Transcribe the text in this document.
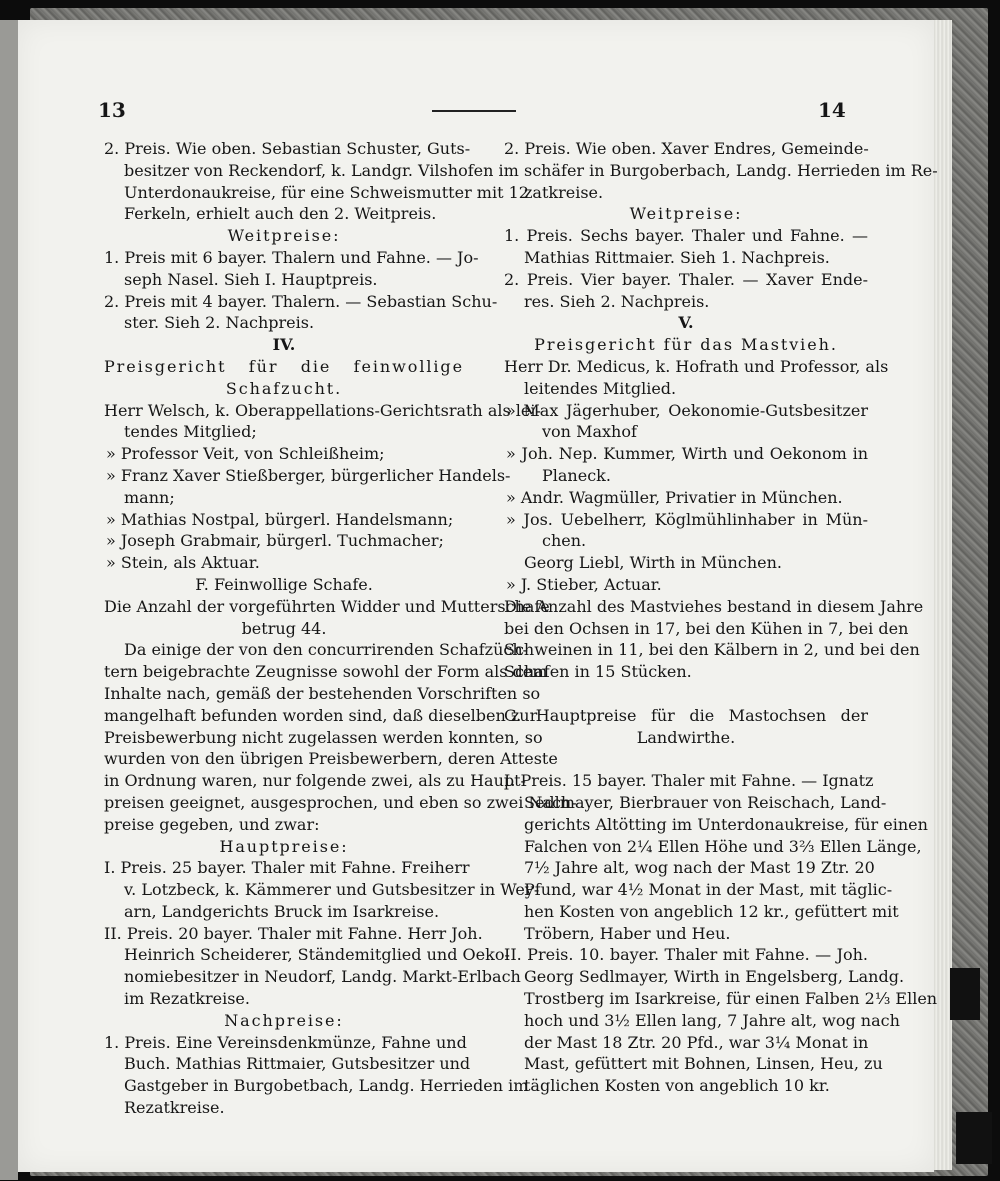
13	14

2. Preis. Wie oben. Sebastian Schuster, Guts-

besitzer von Reckendorf, k. Landgr. Vilshofen im

Unterdonaukreise, für eine Schweismutter mit 12

Ferkeln, erhielt auch den 2. Weitpreis.

Weitpreise:

1. Preis mit 6 bayer. Thalern und Fahne. — Jo-

seph Nasel. Sieh I. Hauptpreis.

2. Preis mit 4 bayer. Thalern. — Sebastian Schu-

ster. Sieh 2. Nachpreis.

IV.

Preisgericht für die feinwollige

Schafzucht.

Herr Welsch, k. Oberappellations-Gerichtsrath als lei-

tendes Mitglied;

» Professor Veit, von Schleißheim;

» Franz Xaver Stießberger, bürgerlicher Handels-

mann;

» Mathias Nostpal, bürgerl. Handelsmann;

» Joseph Grabmair, bürgerl. Tuchmacher;

» Stein, als Aktuar.

F. Feinwollige Schafe.

Die Anzahl der vorgeführten Widder und Mutterschafe

betrug 44.

Da einige der von den concurrirenden Schafzüch-

tern beigebrachte Zeugnisse sowohl der Form als dem

Inhalte nach, gemäß der bestehenden Vorschriften so

mangelhaft befunden worden sind, daß dieselben zur

Preisbewerbung nicht zugelassen werden konnten, so

wurden von den übrigen Preisbewerbern, deren Atteste

in Ordnung waren, nur folgende zwei, als zu Haupt-

preisen geeignet, ausgesprochen, und eben so zwei Nach-

preise gegeben, und zwar:

Hauptpreise:

I. Preis. 25 bayer. Thaler mit Fahne. Freiherr

v. Lotzbeck, k. Kämmerer und Gutsbesitzer in Wey-

arn, Landgerichts Bruck im Isarkreise.

II. Preis. 20 bayer. Thaler mit Fahne. Herr Joh.

Heinrich Scheiderer, Ständemitglied und Oeko-

nomiebesitzer in Neudorf, Landg. Markt-Erlbach

im Rezatkreise.

Nachpreise:

1. Preis. Eine Vereinsdenkmünze, Fahne und

Buch. Mathias Rittmaier, Gutsbesitzer und

Gastgeber in Burgobetbach, Landg. Herrieden im

Rezatkreise.

2. Preis. Wie oben. Xaver Endres, Gemeinde-

schäfer in Burgoberbach, Landg. Herrieden im Re-

zatkreise.

Weitpreise:

1. Preis. Sechs bayer. Thaler und Fahne. —

Mathias Rittmaier. Sieh 1. Nachpreis.

2. Preis. Vier bayer. Thaler. — Xaver Ende-

res. Sieh 2. Nachpreis.

V.

Preisgericht für das Mastvieh.

Herr Dr. Medicus, k. Hofrath und Professor, als

leitendes Mitglied.

» Max Jägerhuber, Oekonomie-Gutsbesitzer

von Maxhof

» Joh. Nep. Kummer, Wirth und Oekonom in

Planeck.

» Andr. Wagmüller, Privatier in München.

» Jos. Uebelherr, Köglmühlinhaber in Mün-

chen.

Georg Liebl, Wirth in München.

» J. Stieber, Actuar.

Die Anzahl des Mastviehes bestand in diesem Jahre

bei den Ochsen in 17, bei den Kühen in 7, bei den

Schweinen in 11, bei den Kälbern in 2, und bei den

Schafen in 15 Stücken.

G. Hauptpreise für die Mastochsen der

Landwirthe.

I. Preis. 15 bayer. Thaler mit Fahne. — Ignatz

Sedlmayer, Bierbrauer von Reischach, Land-

gerichts Altötting im Unterdonaukreise, für einen

Falchen von 2¼ Ellen Höhe und 3⅔ Ellen Länge,

7½ Jahre alt, wog nach der Mast 19 Ztr. 20

Pfund, war 4½ Monat in der Mast, mit täglic-

hen Kosten von angeblich 12 kr., gefüttert mit

Tröbern, Haber und Heu.

II. Preis. 10. bayer. Thaler mit Fahne. — Joh.

Georg Sedlmayer, Wirth in Engelsberg, Landg.

Trostberg im Isarkreise, für einen Falben 2⅓ Ellen

hoch und 3½ Ellen lang, 7 Jahre alt, wog nach

der Mast 18 Ztr. 20 Pfd., war 3¼ Monat in

Mast, gefüttert mit Bohnen, Linsen, Heu, zu

täglichen Kosten von angeblich 10 kr.
